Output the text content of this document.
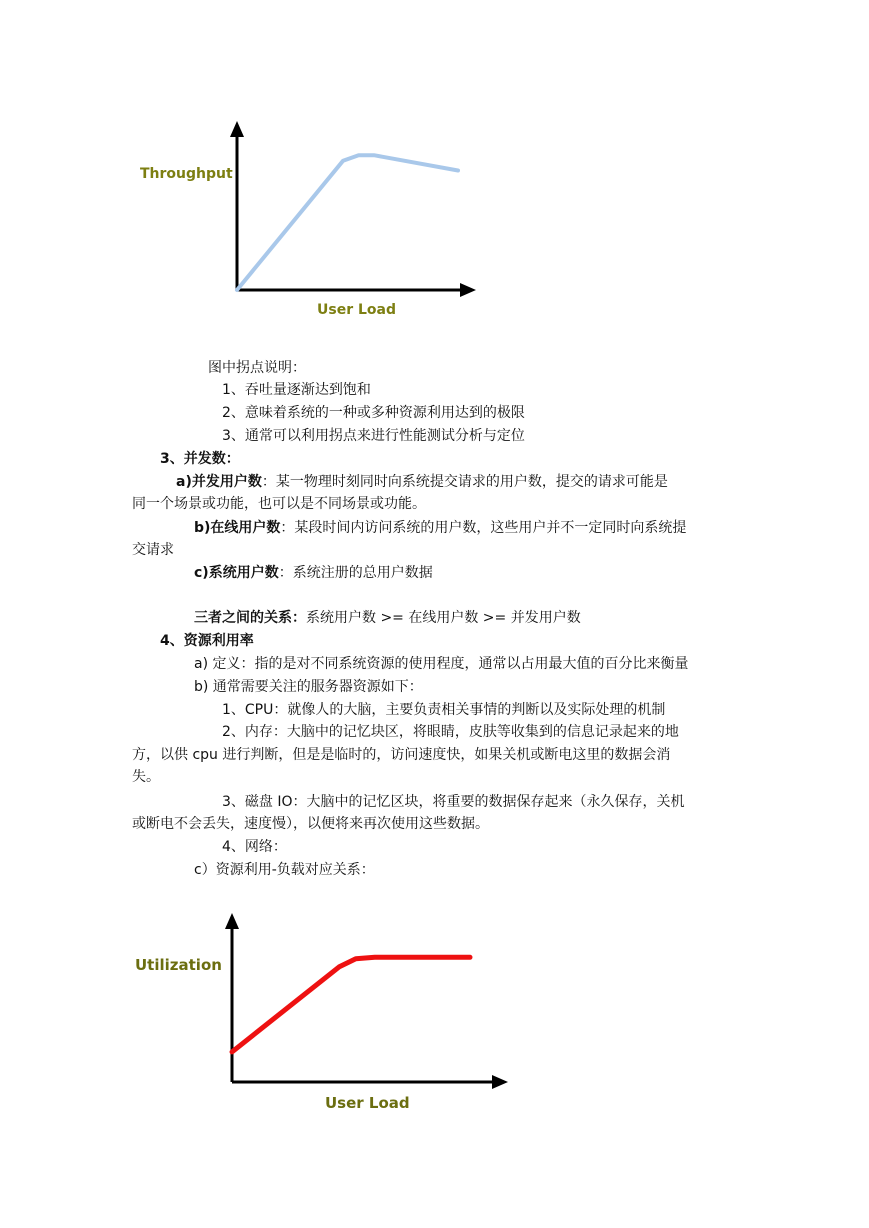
Throughput
User Load
图中拐点说明：
1、吞吐量逐渐达到饱和
2、意味着系统的一种或多种资源利用达到的极限
3、通常可以利用拐点来进行性能测试分析与定位
3、并发数：
a)并发用户数：某一物理时刻同时向系统提交请求的用户数，提交的请求可能是
同一个场景或功能，也可以是不同场景或功能。
b)在线用户数：某段时间内访问系统的用户数，这些用户并不一定同时向系统提
交请求
c)系统用户数：系统注册的总用户数据
三者之间的关系：系统用户数 >= 在线用户数 >= 并发用户数
4、资源利用率
a) 定义：指的是对不同系统资源的使用程度，通常以占用最大值的百分比来衡量
b) 通常需要关注的服务器资源如下：
1、CPU：就像人的大脑，主要负责相关事情的判断以及实际处理的机制
2、内存：大脑中的记忆块区，将眼睛，皮肤等收集到的信息记录起来的地
方，以供 cpu 进行判断，但是是临时的，访问速度快，如果关机或断电这里的数据会消
失。
3、磁盘 IO：大脑中的记忆区块，将重要的数据保存起来（永久保存，关机
或断电不会丢失，速度慢），以便将来再次使用这些数据。
4、网络：
c）资源利用-负载对应关系：
Utilization
User Load
